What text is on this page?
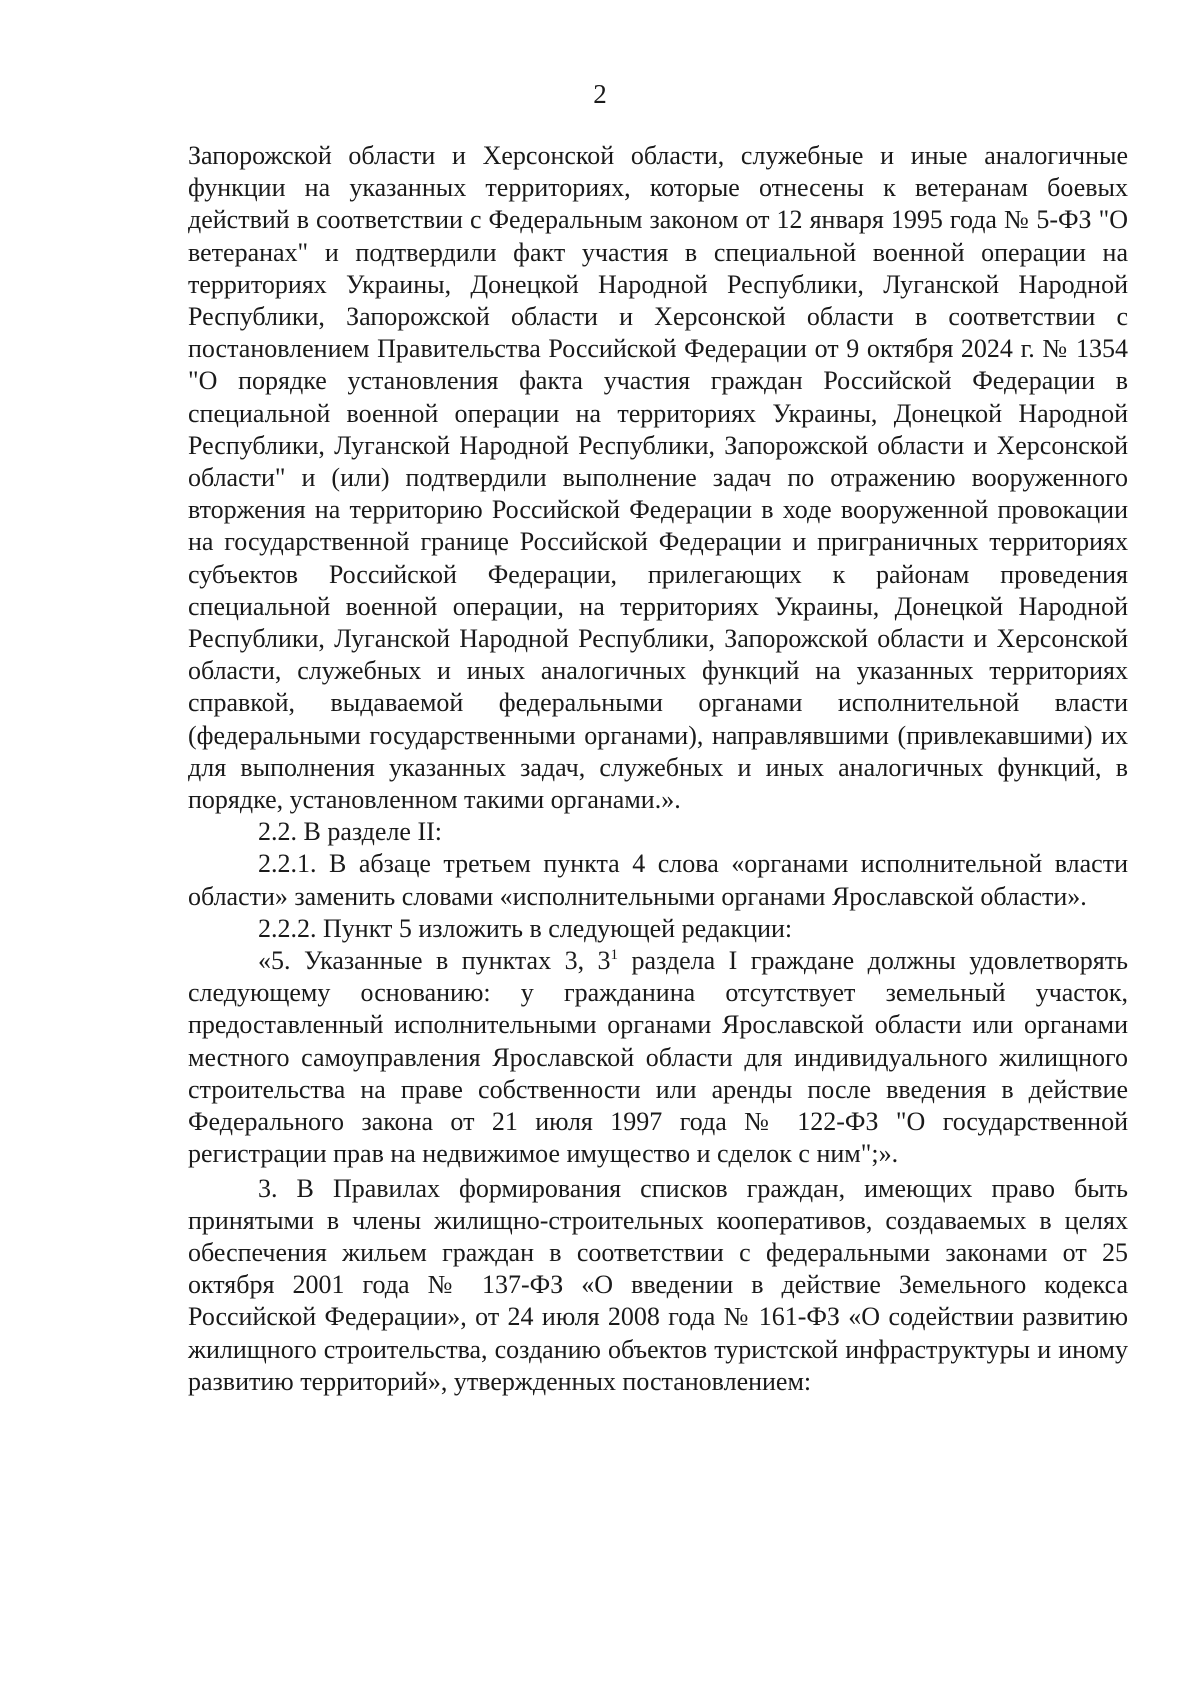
2

Запорожской области и Херсонской области, служебные и иные аналогичные функции на указанных территориях, которые отнесены к ветеранам боевых действий в соответствии с Федеральным законом от 12 января 1995 года № 5-ФЗ "О ветеранах" и подтвердили факт участия в специальной военной операции на территориях Украины, Донецкой Народной Республики, Луганской Народной Республики, Запорожской области и Херсонской области в соответствии с постановлением Правительства Российской Федерации от 9 октября 2024 г. № 1354 "О порядке установления факта участия граждан Российской Федерации в специальной военной операции на территориях Украины, Донецкой Народной Республики, Луганской Народной Республики, Запорожской области и Херсонской области" и (или) подтвердили выполнение задач по отражению вооруженного вторжения на территорию Российской Федерации в ходе вооруженной провокации на государственной границе Российской Федерации и приграничных территориях субъектов Российской Федерации, прилегающих к районам проведения специальной военной операции, на территориях Украины, Донецкой Народной Республики, Луганской Народной Республики, Запорожской области и Херсонской области, служебных и иных аналогичных функций на указанных территориях справкой, выдаваемой федеральными органами исполнительной власти (федеральными государственными органами), направлявшими (привлекавшими) их для выполнения указанных задач, служебных и иных аналогичных функций, в порядке, установленном такими органами.».

2.2. В разделе II:

2.2.1. В абзаце третьем пункта 4 слова «органами исполнительной власти области» заменить словами «исполнительными органами Ярославской области».

2.2.2. Пункт 5 изложить в следующей редакции:

«5. Указанные в пунктах 3, $3^1$ раздела I граждане должны удовлетворять следующему основанию: у гражданина отсутствует земельный участок, предоставленный исполнительными органами Ярославской области или органами местного самоуправления Ярославской области для индивидуального жилищного строительства на праве собственности или аренды после введения в действие Федерального закона от 21 июля 1997 года № 122-ФЗ "О государственной регистрации прав на недвижимое имущество и сделок с ним";».

3. В Правилах формирования списков граждан, имеющих право быть принятыми в члены жилищно-строительных кооперативов, создаваемых в целях обеспечения жильем граждан в соответствии с федеральными законами от 25 октября 2001 года № 137-ФЗ «О введении в действие Земельного кодекса Российской Федерации», от 24 июля 2008 года № 161-ФЗ «О содействии развитию жилищного строительства, созданию объектов туристской инфраструктуры и иному развитию территорий», утвержденных постановлением:
